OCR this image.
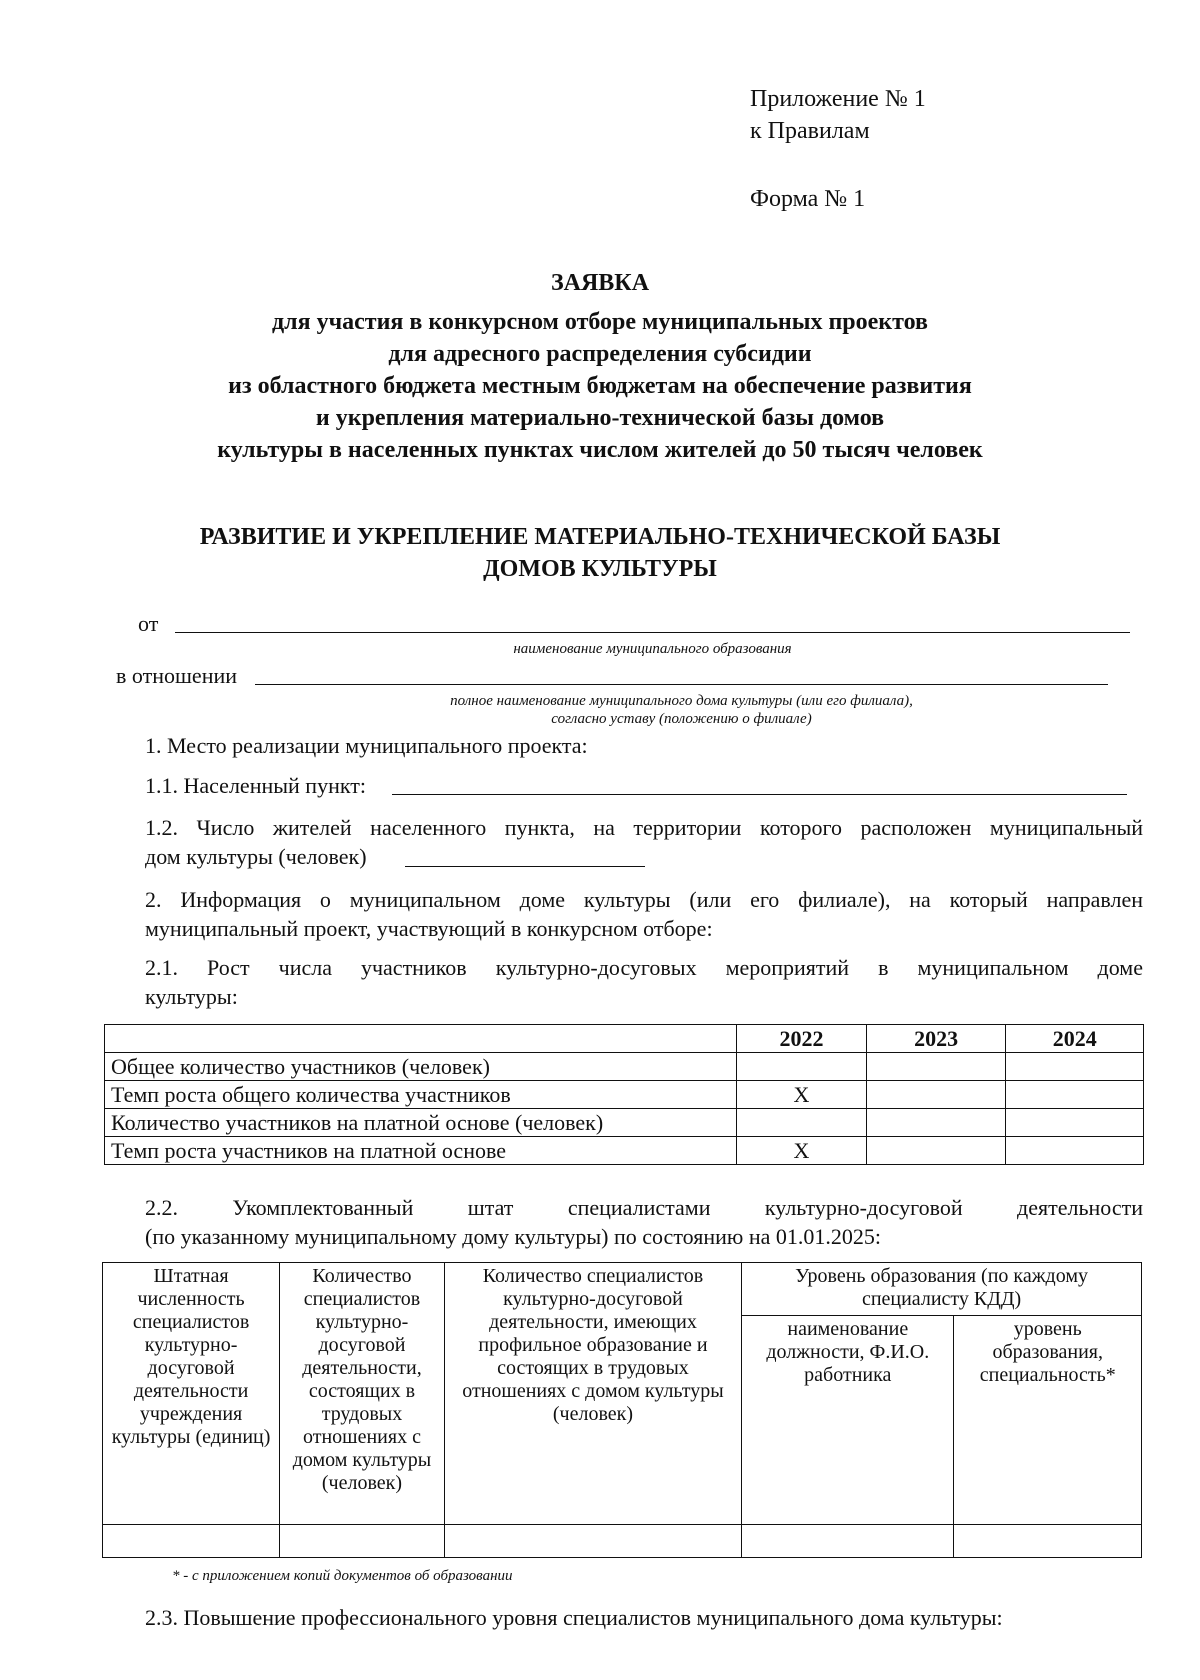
Приложение № 1
к Правилам
Форма № 1
ЗАЯВКА
для участия в конкурсном отборе муниципальных проектов
для адресного распределения субсидии
из областного бюджета местным бюджетам на обеспечение развития
и укрепления материально-технической базы домов
культуры в населенных пунктах числом жителей до 50 тысяч человек
РАЗВИТИЕ И УКРЕПЛЕНИЕ МАТЕРИАЛЬНО-ТЕХНИЧЕСКОЙ БАЗЫ
ДОМОВ КУЛЬТУРЫ
от
наименование муниципального образования
в отношении
полное наименование муниципального дома культуры (или его филиала),
согласно уставу (положению о филиале)
1. Место реализации муниципального проекта:
1.1. Населенный пункт:
1.2. Число жителей населенного пункта, на территории которого расположен муниципальный
дом культуры (человек)
2. Информация о муниципальном доме культуры (или его филиале), на который направлен
муниципальный проект, участвующий в конкурсном отборе:
2.1. Рост числа участников культурно-досуговых мероприятий в муниципальном доме
культуры:
	2022	2023	2024
Общее количество участников (человек)			
Темп роста общего количества участников	X		
Количество участников на платной основе (человек)			
Темп роста участников на платной основе	X		
2.2. Укомплектованный штат специалистами культурно-досуговой деятельности
(по указанному муниципальному дому культуры) по состоянию на 01.01.2025:
Штатная численность специалистов культурно-досуговой деятельности учреждения культуры (единиц)	Количество специалистов культурно-досуговой деятельности, состоящих в трудовых отношениях с домом культуры (человек)	Количество специалистов культурно-досуговой деятельности, имеющих профильное образование и состоящих в трудовых отношениях с домом культуры (человек)	Уровень образования (по каждому специалисту КДД)	
			наименование должности, Ф.И.О. работника	уровень образования, специальность*

* - с приложением копий документов об образовании
2.3. Повышение профессионального уровня специалистов муниципального дома культуры:
